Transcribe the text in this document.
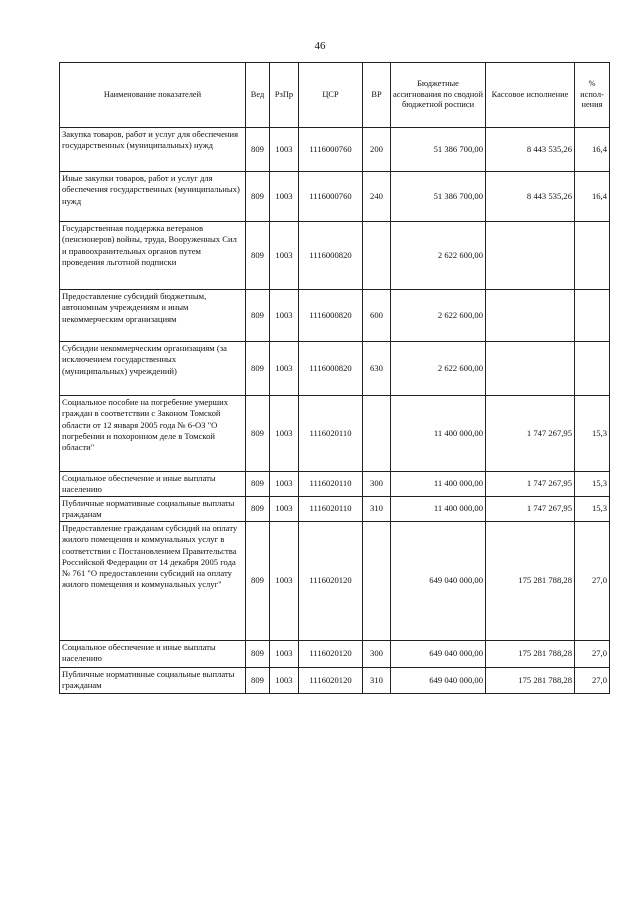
46
Наименование показателей	Вед	РзПр	ЦСР	ВР	Бюджетные ассигнования по сводной бюджетной росписи	Кассовое исполнение	% испол-нения
Закупка товаров, работ и услуг для обеспечения государственных (муниципальных) нужд	809	1003	1116000760	200	51 386 700,00	8 443 535,26	16,4
Иные закупки товаров, работ и услуг для обеспечения государственных (муниципальных) нужд	809	1003	1116000760	240	51 386 700,00	8 443 535,26	16,4
Государственная поддержка ветеранов (пенсионеров) войны, труда, Вооруженных Сил и правоохранительных органов путем проведения льготной подписки	809	1003	1116000820		2 622 600,00		
Предоставление субсидий бюджетным, автономным учреждениям и иным некоммерческим организациям	809	1003	1116000820	600	2 622 600,00		
Субсидии некоммерческим организациям (за исключением государственных (муниципальных) учреждений)	809	1003	1116000820	630	2 622 600,00		
Социальное пособие на погребение умерших граждан в соответствии с Законом Томской области от 12 января 2005 года № 6-ОЗ "О погребении и похоронном деле в Томской области"	809	1003	1116020110		11 400 000,00	1 747 267,95	15,3
Социальное обеспечение и иные выплаты населению	809	1003	1116020110	300	11 400 000,00	1 747 267,95	15,3
Публичные нормативные социальные выплаты гражданам	809	1003	1116020110	310	11 400 000,00	1 747 267,95	15,3
Предоставление гражданам субсидий на оплату жилого помещения и коммунальных услуг в соответствии с Постановлением Правительства Российской Федерации от 14 декабря 2005 года № 761 "О предоставлении субсидий на оплату жилого помещения и коммунальных услуг"	809	1003	1116020120		649 040 000,00	175 281 788,28	27,0
Социальное обеспечение и иные выплаты населению	809	1003	1116020120	300	649 040 000,00	175 281 788,28	27,0
Публичные нормативные социальные выплаты гражданам	809	1003	1116020120	310	649 040 000,00	175 281 788,28	27,0
